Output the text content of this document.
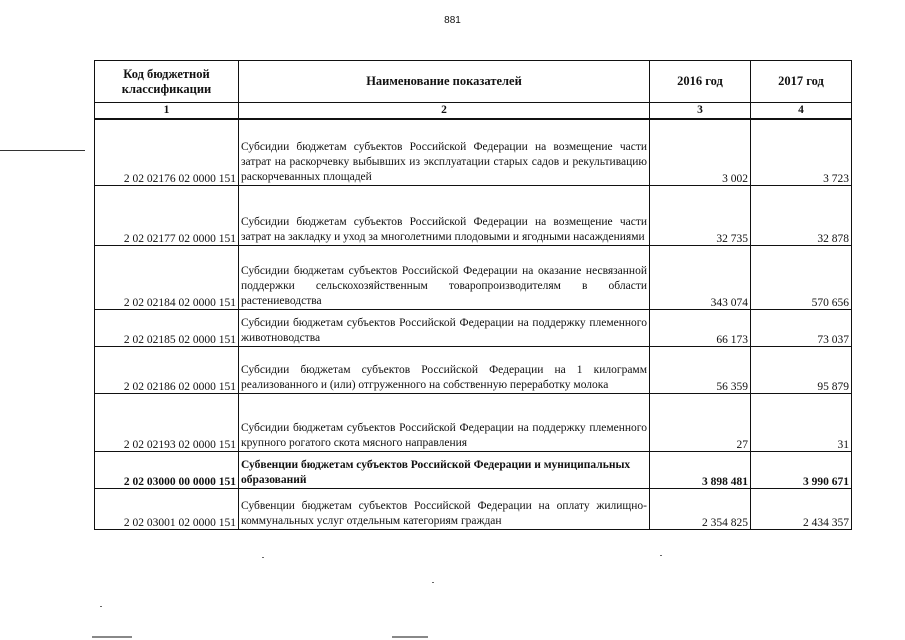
881
Код бюджетной классификации	Наименование показателей	2016 год	2017 год
1	2	3	4
2 02 02176 02 0000 151	Субсидии бюджетам субъектов Российской Федерации на возмещение части затрат на раскорчевку выбывших из эксплуатации старых садов и рекультивацию раскорчеванных площадей	3 002	3 723
2 02 02177 02 0000 151	Субсидии бюджетам субъектов Российской Федерации на возмещение части затрат на закладку и уход за многолетними плодовыми и ягодными насаждениями	32 735	32 878
2 02 02184 02 0000 151	Субсидии бюджетам субъектов Российской Федерации на оказание несвязанной поддержки сельскохозяйственным товаропроизводителям в области растениеводства	343 074	570 656
2 02 02185 02 0000 151	Субсидии бюджетам субъектов Российской Федерации на поддержку племенного животноводства	66 173	73 037
2 02 02186 02 0000 151	Субсидии бюджетам субъектов Российской Федерации на 1 килограмм реализованного и (или) отгруженного на собственную переработку молока	56 359	95 879
2 02 02193 02 0000 151	Субсидии бюджетам субъектов Российской Федерации на поддержку племенного крупного рогатого скота мясного направления	27	31
2 02 03000 00 0000 151	Субвенции бюджетам субъектов Российской Федерации и муниципальных образований	3 898 481	3 990 671
2 02 03001 02 0000 151	Субвенции бюджетам субъектов Российской Федерации на оплату жилищно-коммунальных услуг отдельным категориям граждан	2 354 825	2 434 357
